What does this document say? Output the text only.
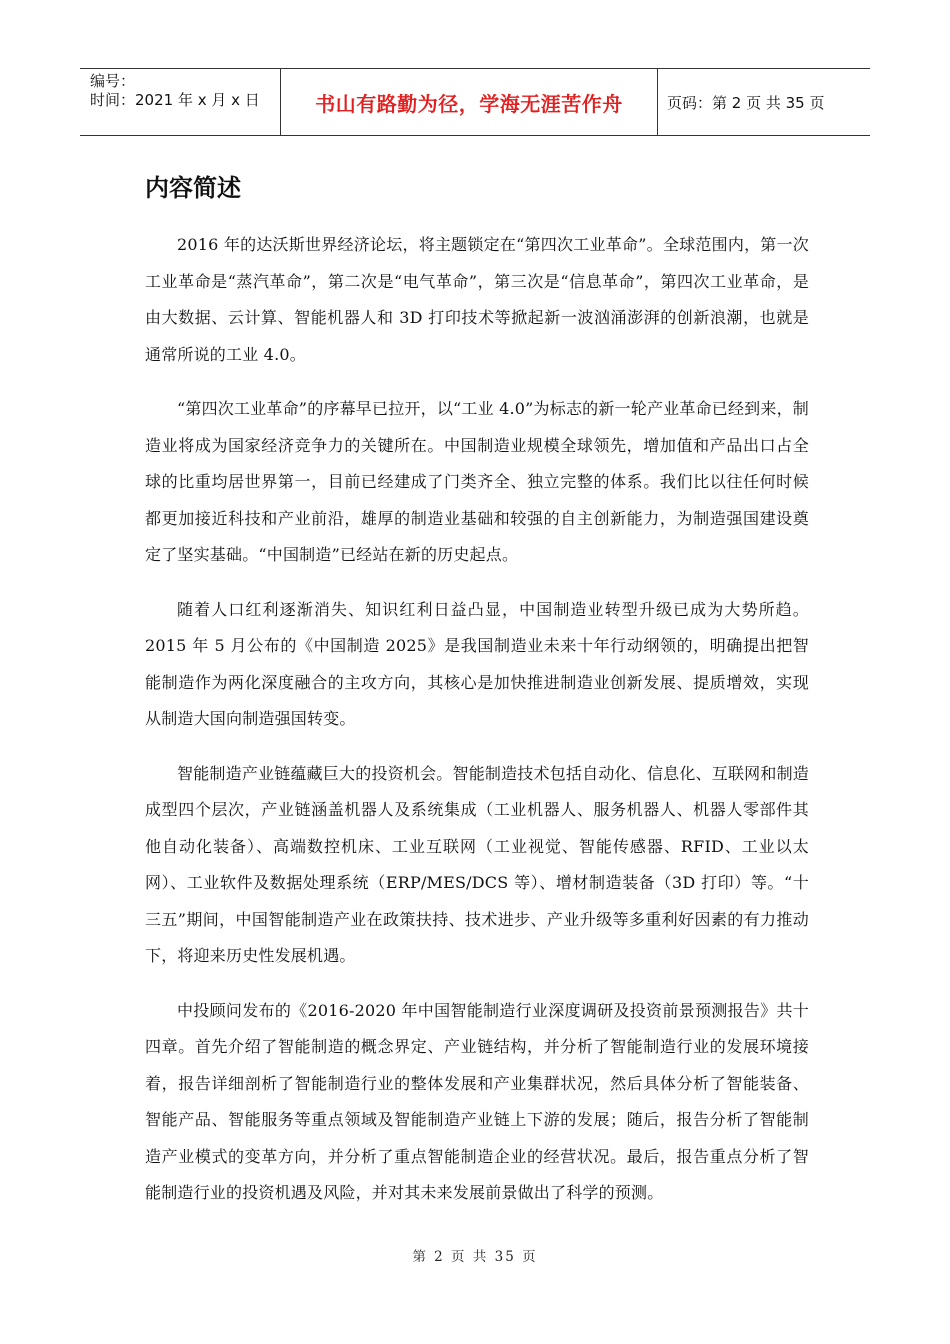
编号：
时间：2021 年 x 月 x 日	书山有路勤为径，学海无涯苦作舟	页码：第 2 页 共 35 页
内容简述

2016 年的达沃斯世界经济论坛，将主题锁定在“第四次工业革命”。全球范围内，第一次工业革命是“蒸汽革命”，第二次是“电气革命”，第三次是“信息革命”，第四次工业革命，是由大数据、云计算、智能机器人和 3D 打印技术等掀起新一波汹涌澎湃的创新浪潮，也就是通常所说的工业 4.0。

“第四次工业革命”的序幕早已拉开，以“工业 4.0”为标志的新一轮产业革命已经到来，制造业将成为国家经济竞争力的关键所在。中国制造业规模全球领先，增加值和产品出口占全球的比重均居世界第一，目前已经建成了门类齐全、独立完整的体系。我们比以往任何时候都更加接近科技和产业前沿，雄厚的制造业基础和较强的自主创新能力，为制造强国建设奠定了坚实基础。“中国制造”已经站在新的历史起点。

随着人口红利逐渐消失、知识红利日益凸显，中国制造业转型升级已成为大势所趋。2015 年 5 月公布的《中国制造 2025》是我国制造业未来十年行动纲领的，明确提出把智能制造作为两化深度融合的主攻方向，其核心是加快推进制造业创新发展、提质增效，实现从制造大国向制造强国转变。

智能制造产业链蕴藏巨大的投资机会。智能制造技术包括自动化、信息化、互联网和制造成型四个层次，产业链涵盖机器人及系统集成（工业机器人、服务机器人、机器人零部件其他自动化装备）、高端数控机床、工业互联网（工业视觉、智能传感器、RFID、工业以太网）、工业软件及数据处理系统（ERP/MES/DCS 等）、增材制造装备（3D 打印）等。“十三五”期间，中国智能制造产业在政策扶持、技术进步、产业升级等多重利好因素的有力推动下，将迎来历史性发展机遇。

中投顾问发布的《2016-2020 年中国智能制造行业深度调研及投资前景预测报告》共十四章。首先介绍了智能制造的概念界定、产业链结构，并分析了智能制造行业的发展环境接着，报告详细剖析了智能制造行业的整体发展和产业集群状况，然后具体分析了智能装备、智能产品、智能服务等重点领域及智能制造产业链上下游的发展；随后，报告分析了智能制造产业模式的变革方向，并分析了重点智能制造企业的经营状况。最后，报告重点分析了智能制造行业的投资机遇及风险，并对其未来发展前景做出了科学的预测。

第 2 页 共 35 页
